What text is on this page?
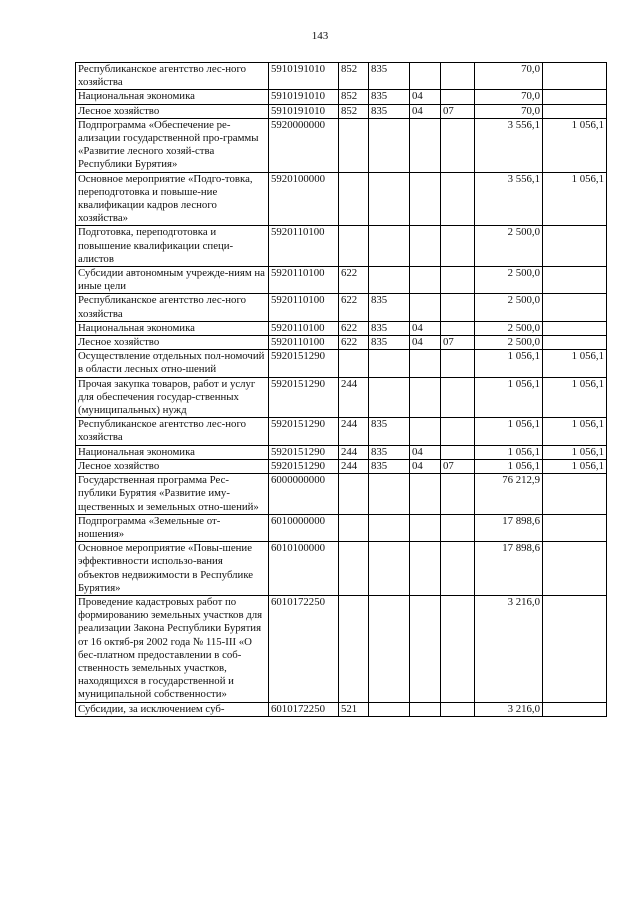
143
Республиканское агентство лес-ного хозяйства	5910191010	852	835			70,0	
Национальная экономика	5910191010	852	835	04		70,0	
Лесное хозяйство	5910191010	852	835	04	07	70,0	
Подпрограмма «Обеспечение ре-ализации государственной про-граммы «Развитие лесного хозяй-ства Республики Бурятия»	5920000000					3 556,1	1 056,1
Основное мероприятие «Подго-товка, переподготовка и повыше-ние квалификации кадров лесного хозяйства»	5920100000					3 556,1	1 056,1
Подготовка, переподготовка и повышение квалификации специ-алистов	5920110100					2 500,0	
Субсидии автономным учрежде-ниям на иные цели	5920110100	622				2 500,0	
Республиканское агентство лес-ного хозяйства	5920110100	622	835			2 500,0	
Национальная экономика	5920110100	622	835	04		2 500,0	
Лесное хозяйство	5920110100	622	835	04	07	2 500,0	
Осуществление отдельных пол-номочий в области лесных отно-шений	5920151290					1 056,1	1 056,1
Прочая закупка товаров, работ и услуг для обеспечения государ-ственных (муниципальных) нужд	5920151290	244				1 056,1	1 056,1
Республиканское агентство лес-ного хозяйства	5920151290	244	835			1 056,1	1 056,1
Национальная экономика	5920151290	244	835	04		1 056,1	1 056,1
Лесное хозяйство	5920151290	244	835	04	07	1 056,1	1 056,1
Государственная программа Рес-публики Бурятия «Развитие иму-щественных и земельных отно-шений»	6000000000					76 212,9	
Подпрограмма «Земельные от-ношения»	6010000000					17 898,6	
Основное мероприятие «Повы-шение эффективности использо-вания объектов недвижимости в Республике Бурятия»	6010100000					17 898,6	
Проведение кадастровых работ по формированию земельных участков для реализации Закона Республики Бурятия от 16 октяб-ря 2002 года № 115-III «О бес-платном предоставлении в соб-ственность земельных участков, находящихся в государственной и муниципальной собственности»	6010172250					3 216,0	
Субсидии, за исключением суб-	6010172250	521				3 216,0	
